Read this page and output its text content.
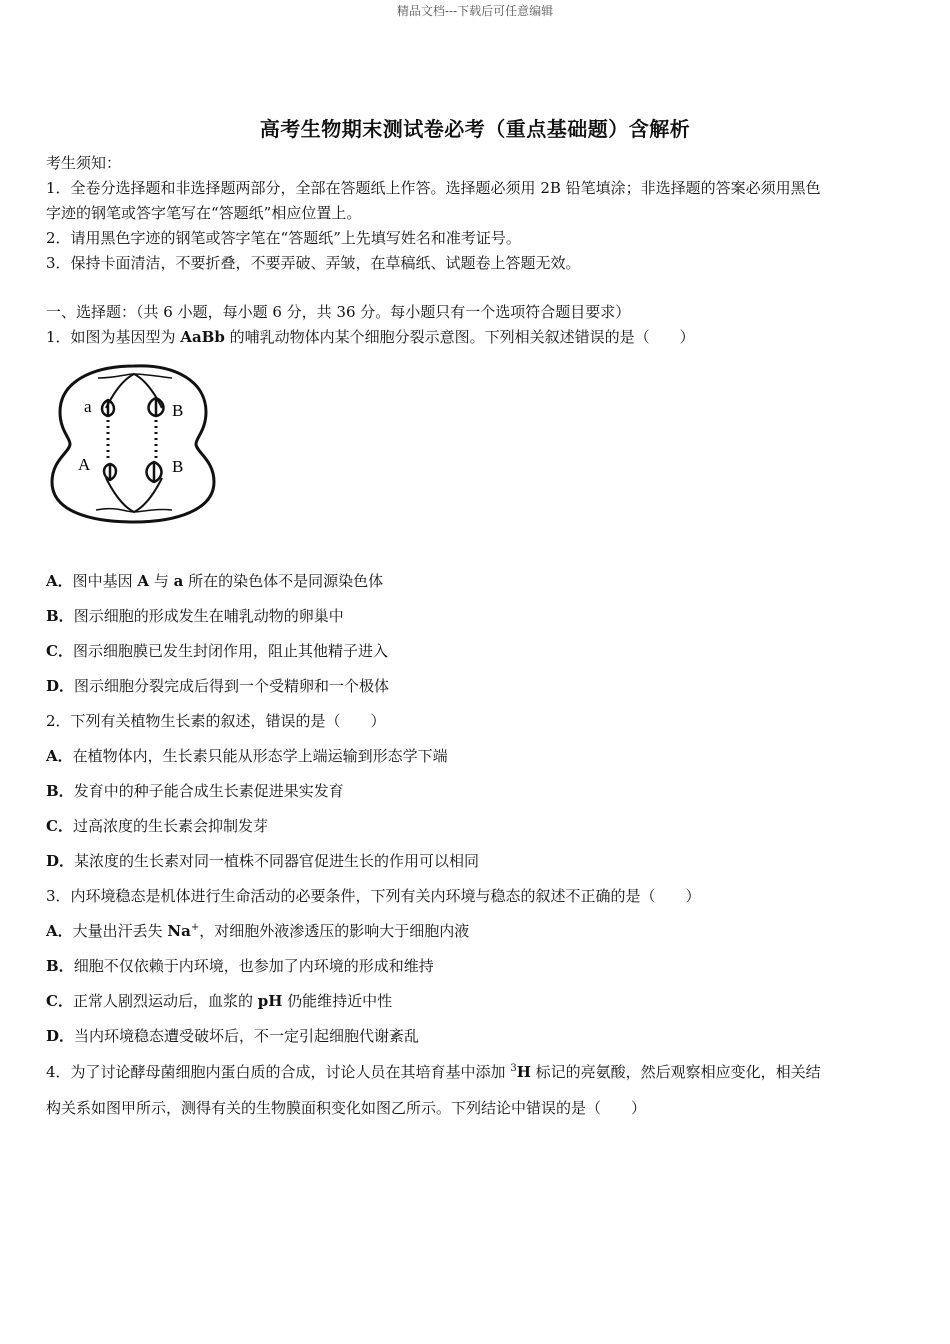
精品文档---下载后可任意编辑
高考生物期末测试卷必考（重点基础题）含解析
考生须知：
1．全卷分选择题和非选择题两部分，全部在答题纸上作答。选择题必须用 2B 铅笔填涂；非选择题的答案必须用黑色
字迹的钢笔或答字笔写在“答题纸”相应位置上。
2．请用黑色字迹的钢笔或答字笔在“答题纸”上先填写姓名和准考证号。
3．保持卡面清洁，不要折叠，不要弄破、弄皱，在草稿纸、试题卷上答题无效。
一、选择题：（共 6 小题，每小题 6 分，共 36 分。每小题只有一个选项符合题目要求）
1．如图为基因型为 AaBb 的哺乳动物体内某个细胞分裂示意图。下列相关叙述错误的是（　　）
a	B
A	B
A．图中基因 A 与 a 所在的染色体不是同源染色体
B．图示细胞的形成发生在哺乳动物的卵巢中
C．图示细胞膜已发生封闭作用，阻止其他精子进入
D．图示细胞分裂完成后得到一个受精卵和一个极体
2．下列有关植物生长素的叙述，错误的是（　　）
A．在植物体内，生长素只能从形态学上端运输到形态学下端
B．发育中的种子能合成生长素促进果实发育
C．过高浓度的生长素会抑制发芽
D．某浓度的生长素对同一植株不同器官促进生长的作用可以相同
3．内环境稳态是机体进行生命活动的必要条件，下列有关内环境与稳态的叙述不正确的是（　　）
A．大量出汗丢失 Na+，对细胞外液渗透压的影响大于细胞内液
B．细胞不仅依赖于内环境，也参加了内环境的形成和维持
C．正常人剧烈运动后，血浆的 pH 仍能维持近中性
D．当内环境稳态遭受破坏后，不一定引起细胞代谢紊乱
4．为了讨论酵母菌细胞内蛋白质的合成，讨论人员在其培育基中添加 $^3$H 标记的亮氨酸，然后观察相应变化，相关结
构关系如图甲所示，测得有关的生物膜面积变化如图乙所示。下列结论中错误的是（　　）
